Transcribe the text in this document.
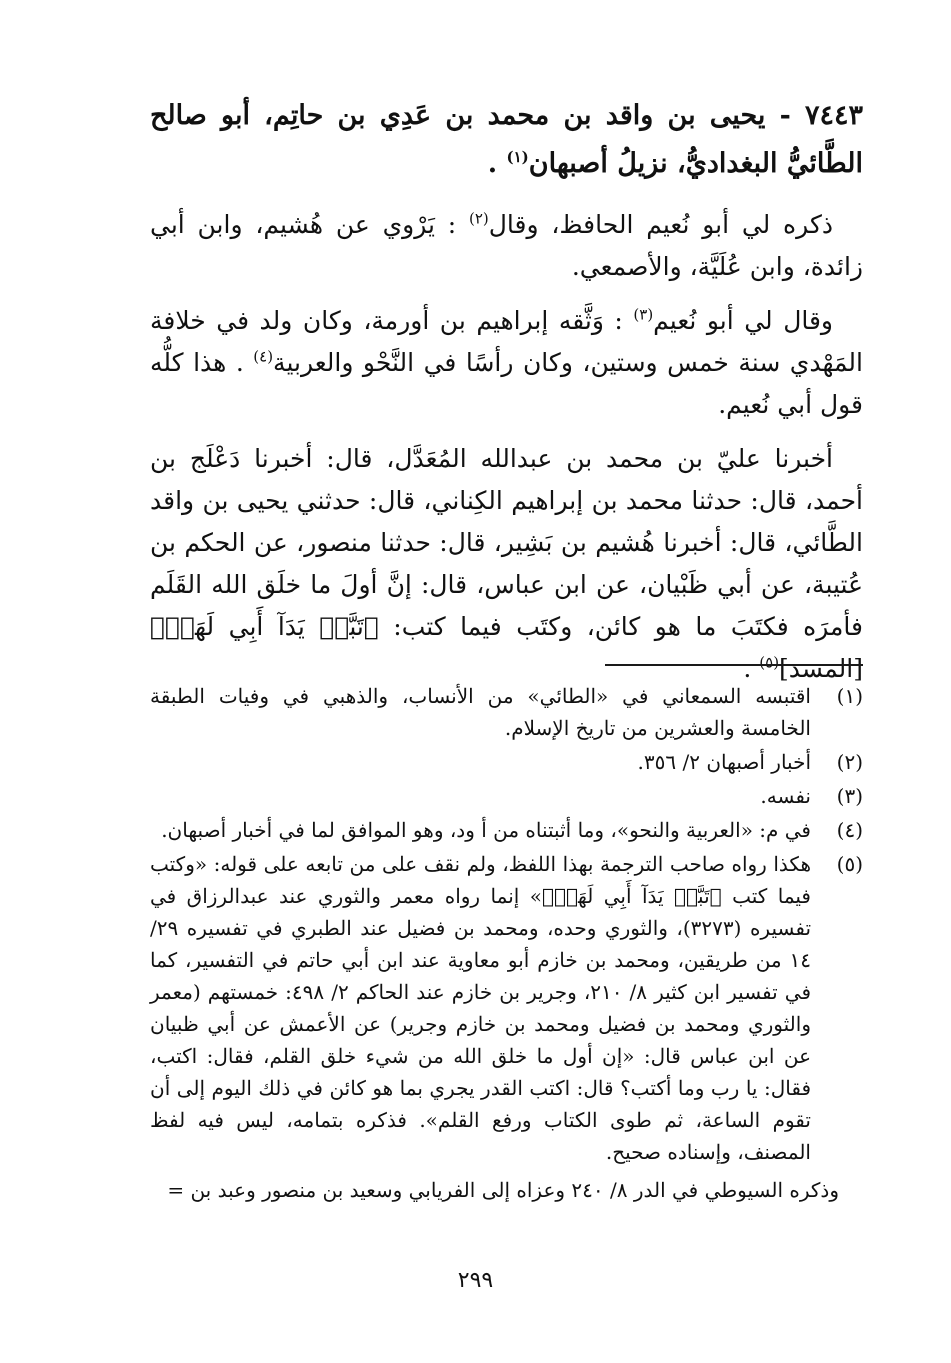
٧٤٤٣ - يحيى بن واقد بن محمد بن عَدِي بن حاتِم، أبو صالح الطَّائيُّ البغداديُّ، نزيلُ أصبهان$^{(١)}$ .

ذكره لي أبو نُعيم الحافظ، وقال$^{(٢)}$ : يَرْوي عن هُشيم، وابن أبي زائدة، وابن عُلَيَّة، والأصمعي.

وقال لي أبو نُعيم$^{(٣)}$ : وَثَّقه إبراهيم بن أورمة، وكان ولد في خلافة المَهْدي سنة خمس وستين، وكان رأسًا في النَّحْو والعربية$^{(٤)}$ . هذا كلُّه قول أبي نُعيم.

أخبرنا عليّ بن محمد بن عبدالله المُعَدَّل، قال: أخبرنا دَعْلَج بن أحمد، قال: حدثنا محمد بن إبراهيم الكِناني، قال: حدثني يحيى بن واقد الطَّائي، قال: أخبرنا هُشيم بن بَشِير، قال: حدثنا منصور، عن الحكم بن عُتيبة، عن أبي ظَبْيان، عن ابن عباس، قال: إنَّ أولَ ما خلَق الله القَلَم فأمرَه فكتَبَ ما هو كائن، وكتَب فيما كتب: ﴿تَبَّتۡ يَدَآ أَبِي لَهَبٖ﴾ [المسد]$^{(٥)}$ .

(١)
اقتبسه السمعاني في «الطائي» من الأنساب، والذهبي في وفيات الطبقة الخامسة والعشرين من تاريخ الإسلام.
(٢)
أخبار أصبهان ٢/ ٣٥٦.
(٣)
نفسه.
(٤)
في م: «العربية والنحو»، وما أثبتناه من أ ود، وهو الموافق لما في أخبار أصبهان.
(٥)
هكذا رواه صاحب الترجمة بهذا اللفظ، ولم نقف على من تابعه على قوله: «وكتب فيما كتب ﴿تَبَّتۡ يَدَآ أَبِي لَهَبٖ﴾» إنما رواه معمر والثوري عند عبدالرزاق في تفسيره (٣٢٧٣)، والثوري وحده، ومحمد بن فضيل عند الطبري في تفسيره ٢٩/ ١٤ من طريقين، ومحمد بن خازم أبو معاوية عند ابن أبي حاتم في التفسير، كما في تفسير ابن كثير ٨/ ٢١٠، وجرير بن خازم عند الحاكم ٢/ ٤٩٨: خمستهم (معمر والثوري ومحمد بن فضيل ومحمد بن خازم وجرير) عن الأعمش عن أبي ظبيان عن ابن عباس قال: «إن أول ما خلق الله من شيء خلق القلم، فقال: اكتب، فقال: يا رب وما أكتب؟ قال: اكتب القدر يجري بما هو كائن في ذلك اليوم إلى أن تقوم الساعة، ثم طوى الكتاب ورفع القلم». فذكره بتمامه، ليس فيه لفظ المصنف، وإسناده صحيح.

وذكره السيوطي في الدر ٨/ ٢٤٠ وعزاه إلى الفريابي وسعيد بن منصور وعبد بن =

٢٩٩
